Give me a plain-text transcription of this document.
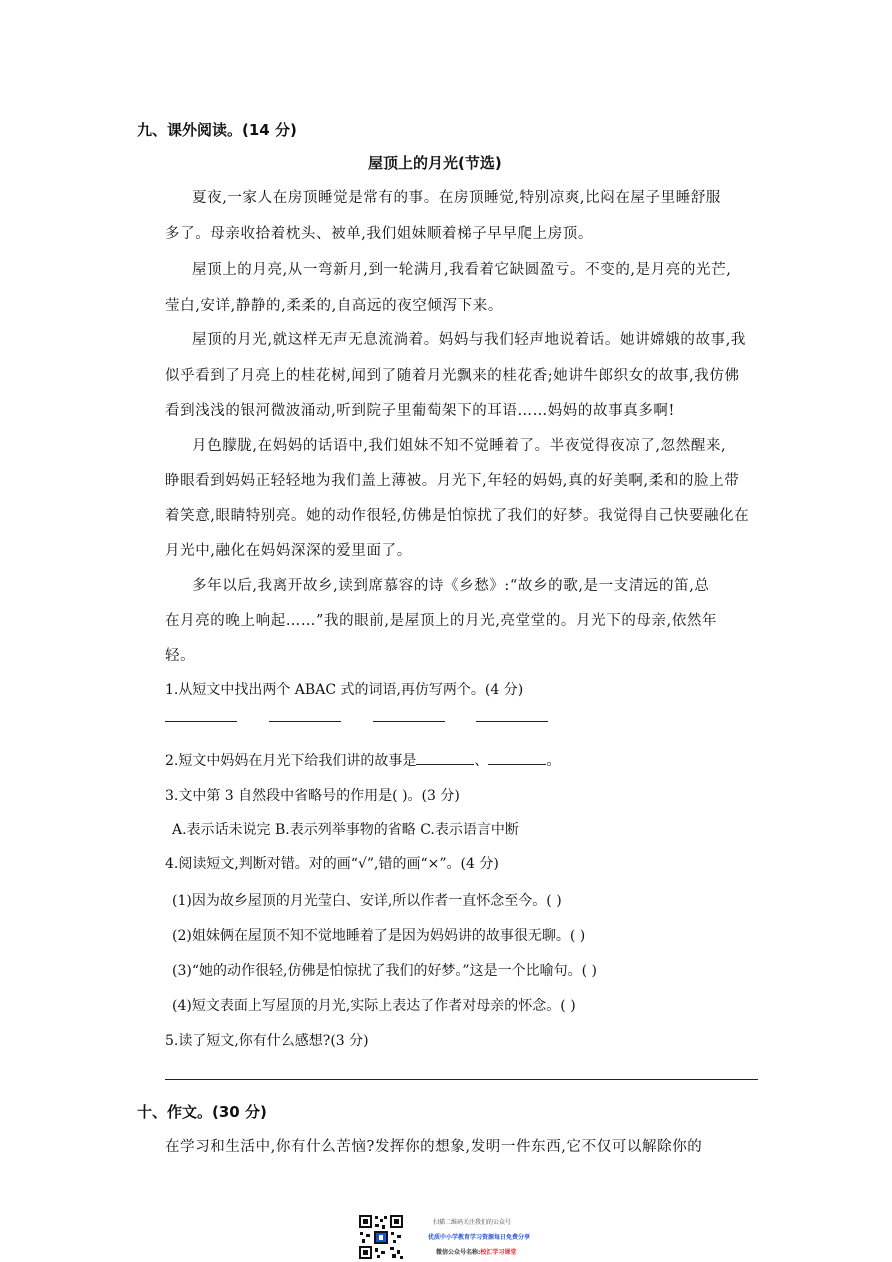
九、课外阅读。(14 分)
屋顶上的月光(节选)
夏夜,一家人在房顶睡觉是常有的事。在房顶睡觉,特别凉爽,比闷在屋子里睡舒服
多了。母亲收拾着枕头、被单,我们姐妹顺着梯子早早爬上房顶。
屋顶上的月亮,从一弯新月,到一轮满月,我看着它缺圆盈亏。不变的,是月亮的光芒,
莹白,安详,静静的,柔柔的,自高远的夜空倾泻下来。
屋顶的月光,就这样无声无息流淌着。妈妈与我们轻声地说着话。她讲嫦娥的故事,我
似乎看到了月亮上的桂花树,闻到了随着月光飘来的桂花香;她讲牛郎织女的故事,我仿佛
看到浅浅的银河微波涌动,听到院子里葡萄架下的耳语……妈妈的故事真多啊!
月色朦胧,在妈妈的话语中,我们姐妹不知不觉睡着了。半夜觉得夜凉了,忽然醒来,
睁眼看到妈妈正轻轻地为我们盖上薄被。月光下,年轻的妈妈,真的好美啊,柔和的脸上带
着笑意,眼睛特别亮。她的动作很轻,仿佛是怕惊扰了我们的好梦。我觉得自己快要融化在
月光中,融化在妈妈深深的爱里面了。
多年以后,我离开故乡,读到席慕容的诗《乡愁》:“故乡的歌,是一支清远的笛,总
在月亮的晚上响起……”我的眼前,是屋顶上的月光,亮堂堂的。月光下的母亲,依然年
轻。
1.从短文中找出两个 ABAC 式的词语,再仿写两个。(4 分)
2.短文中妈妈在月光下给我们讲的故事是	、	。
3.文中第 3 自然段中省略号的作用是( )。(3 分)
A.表示话未说完 B.表示列举事物的省略 C.表示语言中断
4.阅读短文,判断对错。对的画“√”,错的画“×”。(4 分)
(1)因为故乡屋顶的月光莹白、安详,所以作者一直怀念至今。( )
(2)姐妹俩在屋顶不知不觉地睡着了是因为妈妈讲的故事很无聊。( )
(3)“她的动作很轻,仿佛是怕惊扰了我们的好梦。”这是一个比喻句。( )
(4)短文表面上写屋顶的月光,实际上表达了作者对母亲的怀念。( )
5.读了短文,你有什么感想?(3 分)
十、作文。(30 分)
在学习和生活中,你有什么苦恼?发挥你的想象,发明一件东西,它不仅可以解除你的
扫描二维码关注我们的公众号
优质中小学教育学习资源每日免费分享
微信公众号名称:校汇学习课堂
